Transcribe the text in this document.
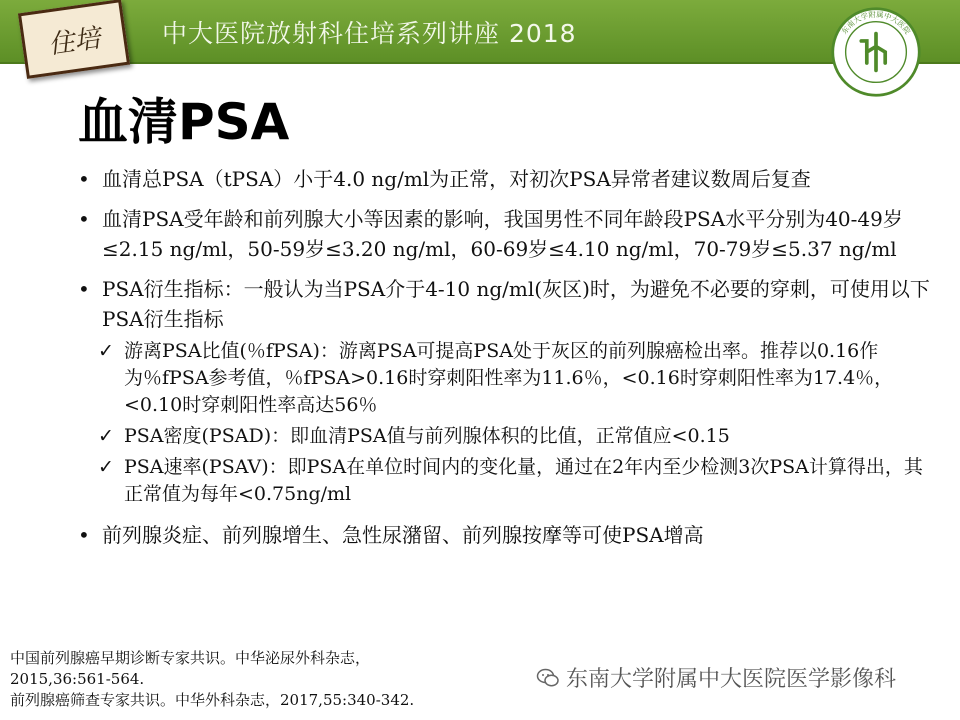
住培 中大医院放射科住培系列讲座 2018	东南大学附属中大医院
血清PSA
• 血清总PSA（tPSA）小于4.0 ng/ml为正常，对初次PSA异常者建议数周后复查
• 血清PSA受年龄和前列腺大小等因素的影响，我国男性不同年龄段PSA水平分别为40-49岁≤2.15 ng/ml，50-59岁≤3.20 ng/ml，60-69岁≤4.10 ng/ml，70-79岁≤5.37 ng/ml
• PSA衍生指标：一般认为当PSA介于4-10 ng/ml(灰区)时，为避免不必要的穿刺，可使用以下PSA衍生指标
✓ 游离PSA比值(％fPSA)：游离PSA可提高PSA处于灰区的前列腺癌检出率。推荐以0.16作为％fPSA参考值，％fPSA>0.16时穿刺阳性率为11.6％，<0.16时穿刺阳性率为17.4％，<0.10时穿刺阳性率高达56％
✓ PSA密度(PSAD)：即血清PSA值与前列腺体积的比值，正常值应<0.15
✓ PSA速率(PSAV)：即PSA在单位时间内的变化量，通过在2年内至少检测3次PSA计算得出，其正常值为每年<0.75ng/ml
• 前列腺炎症、前列腺增生、急性尿潴留、前列腺按摩等可使PSA增高
中国前列腺癌早期诊断专家共识。中华泌尿外科杂志，
2015,36:561-564.
前列腺癌筛查专家共识。中华外科杂志，2017,55:340-342.
东南大学附属中大医院医学影像科
